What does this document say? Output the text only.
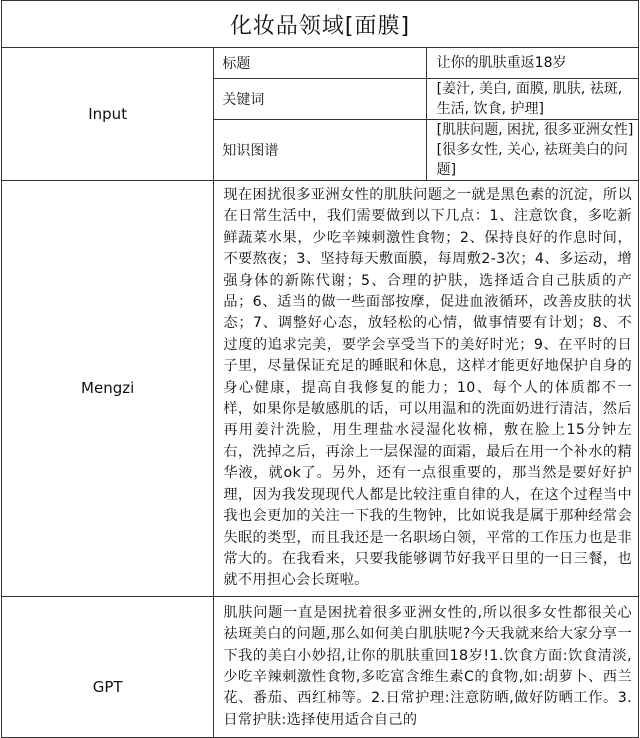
化妆品领域[面膜]		
Input	标题	让你的肌肤重返18岁
	关键词	[姜汁, 美白, 面膜, 肌肤, 祛斑, 生活, 饮食, 护理]
	知识图谱	[肌肤问题, 困扰, 很多亚洲女性]
[很多女性, 关心, 祛斑美白的问题]

Mengzi	现在困扰很多亚洲女性的肌肤问题之一就是黑色素的沉淀，所以在日常生活中，我们需要做到以下几点：1、注意饮食，多吃新鲜蔬菜水果，少吃辛辣刺激性食物；2、保持良好的作息时间，不要熬夜；3、坚持每天敷面膜，每周敷2-3次；4、多运动，增强身体的新陈代谢；5、合理的护肤，选择适合自己肤质的产品；6、适当的做一些面部按摩，促进血液循环，改善皮肤的状态；7、调整好心态，放轻松的心情，做事情要有计划；8、不过度的追求完美，要学会享受当下的美好时光；9、在平时的日子里，尽量保证充足的睡眠和休息，这样才能更好地保护自身的身心健康，提高自我修复的能力；10、每个人的体质都不一样，如果你是敏感肌的话，可以用温和的洗面奶进行清洁，然后再用姜汁洗脸，用生理盐水浸湿化妆棉，敷在脸上15分钟左右，洗掉之后，再涂上一层保湿的面霜，最后在用一个补水的精华液，就ok了。另外，还有一点很重要的，那当然是要好好护理，因为我发现现代人都是比较注重自律的人，在这个过程当中我也会更加的关注一下我的生物钟，比如说我是属于那种经常会失眠的类型，而且我还是一名职场白领，平常的工作压力也是非常大的。在我看来，只要我能够调节好我平日里的一日三餐，也就不用担心会长斑啦。	
GPT	肌肤问题一直是困扰着很多亚洲女性的,所以很多女性都很关心祛斑美白的问题,那么如何美白肌肤呢?今天我就来给大家分享一下我的美白小妙招,让你的肌肤重回18岁!1.饮食方面:饮食清淡,少吃辛辣刺激性食物,多吃富含维生素C的食物,如:胡萝卜、西兰花、番茄、西红柿等。2.日常护理:注意防晒,做好防晒工作。3.日常护肤:选择使用适合自己的	
